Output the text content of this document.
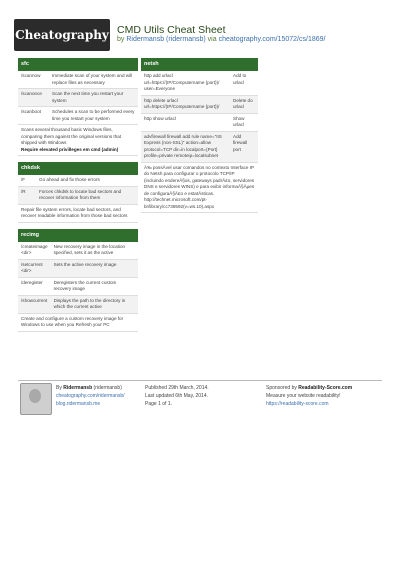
Cheatography CMD Utils Cheat Sheet
by Ridermansb (ridermansb) via cheatography.com/15072/cs/1869/
sfc
/scannow	Immediate scan of your system and will replace files as necessary
/scanonce	Scan the next time you restart your system
/scanboot	Schedules a scan to be performed every time you restart your system
Scans several thousand basic Windows files, comparing them against the original versions that shipped with Windows
Require elevated privilleges em cmd (admin)
chkdsk
/F	Go ahead and fix those errors
/R	Forces chkdsk to locate bad sectors and recover information from them
Repair file system errors, locate bad sectors, and recover readable information from those bad sectors
recimg
/createimage <dir>	New recovery image in the location specified, sets it as the active
/setcurrent <dir>	Sets the active recovery image
/deregister	Deregisters the current custom recovery image
/showcurrent	Displays the path to the directory in which the current active
Create and configure a custom recovery image for Windows to use when you Refresh your PC
netsh
http add urlacl url=https://(IP/Computername {port})/ user=Everyone	Add to urlacl
http delete urlacl url=https://(IP/Computername {port})/	Delete do urlacl
http show urlacl	Show urlacl
advfirewall firewall add rule name="IIS Express (non-SSL)" action=allow protocol=TCP dir=in localport={Port} profile=private remoteip=localsubnet	Add firewall port
Ã‰ possÃvel usar comandos no contexto Interface IP do Netsh para configurar o protocolo TCP/IP (incluindo endereÃ§os, gateways padrÃ£o, servidores DNS e servidores WINS) e para exibir informaÃ§Ãµes de configuraÃ§Ã£o e estatÃsticas.
http://technet.microsoft.com/pt-br/library/cc738592(v=ws.10).aspx
By Ridermansb (ridermansb)
cheatography.com/ridermansb/
blog.ridermansb.me
Published 29th March, 2014.
Last updated 6th May, 2014.
Page 1 of 1.
Sponsored by Readability-Score.com
Measure your website readability!
https://readability-score.com
